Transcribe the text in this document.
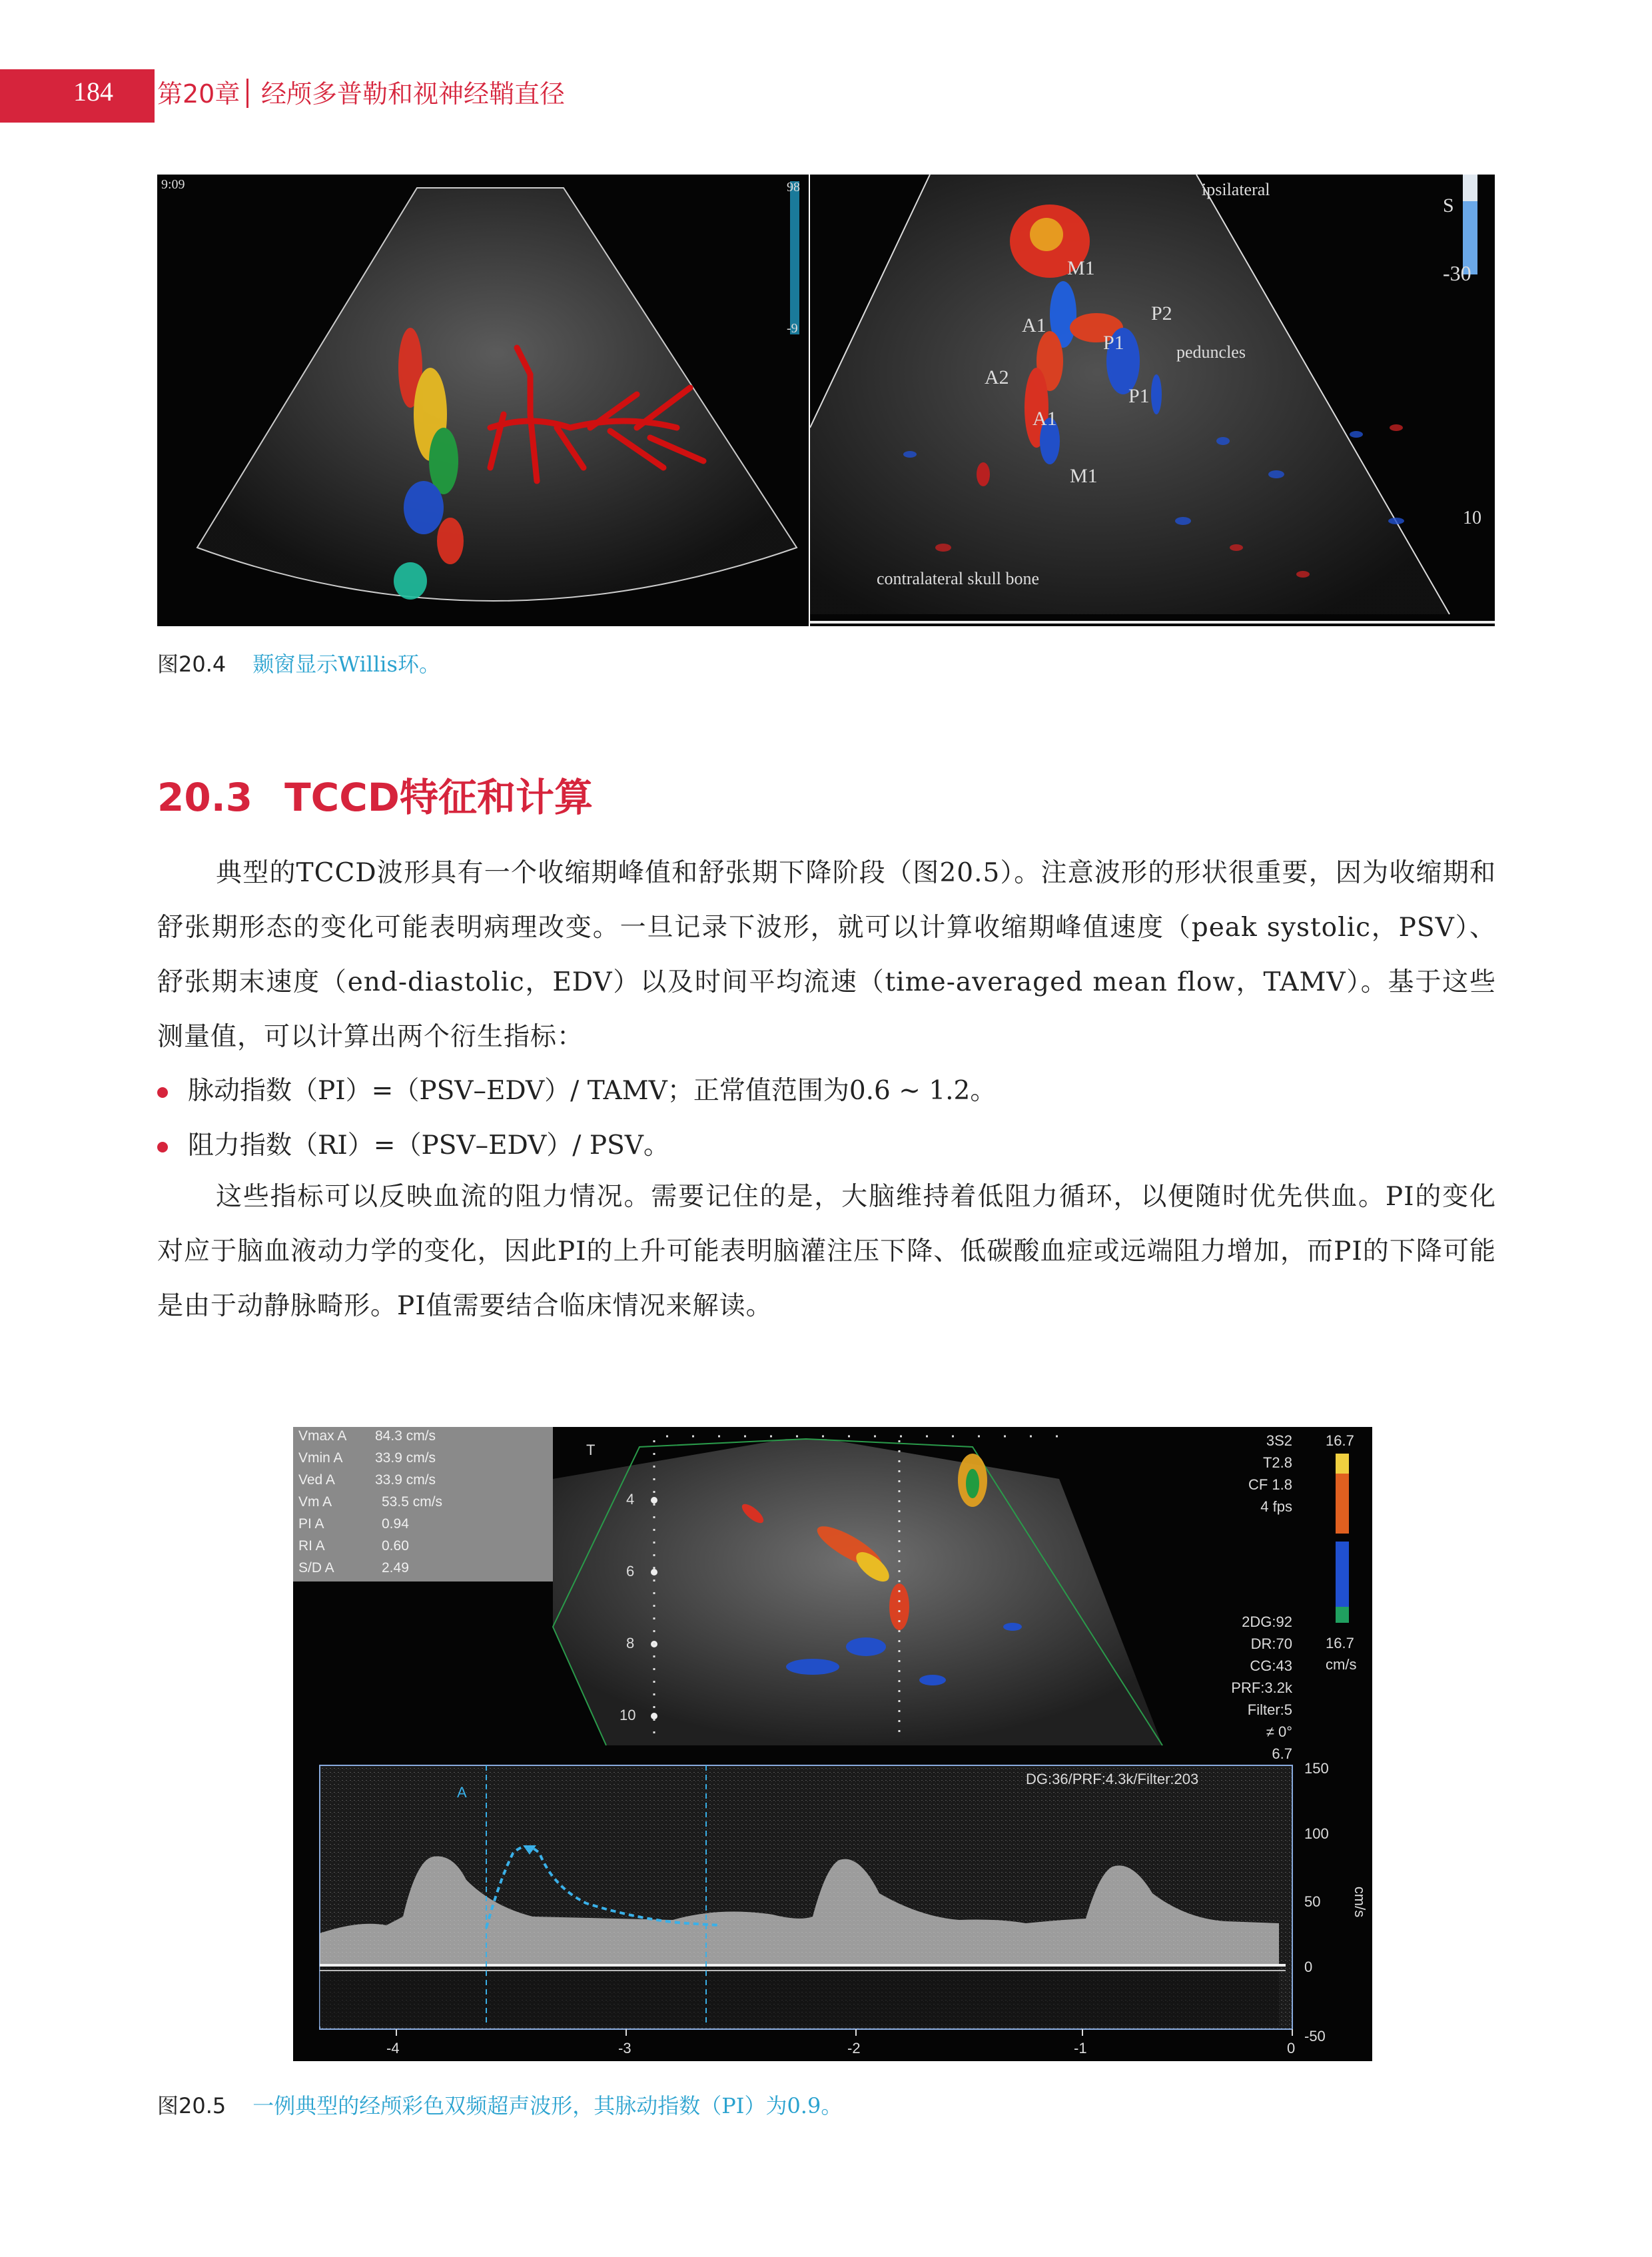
184 第20章 经颅多普勒和视神经鞘直径
9:09	98
-9
ipsilateral
S
-30
M1
A1
P2
P1	peduncles
A2
A1
P1
M1
10
contralateral skull bone
图20.4 颞窗显示Willis环。
20.3 TCCD特征和计算
典型的TCCD波形具有一个收缩期峰值和舒张期下降阶段（图20.5）。注意波形的形状很重要，因为收缩期和舒张期形态的变化可能表明病理改变。一旦记录下波形，就可以计算收缩期峰值速度（peak systolic，PSV）、舒张期末速度（end-diastolic，EDV）以及时间平均流速（time-averaged mean flow，TAMV）。基于这些测量值，可以计算出两个衍生指标：
脉动指数（PI）=（PSV–EDV）/ TAMV；正常值范围为0.6 ~ 1.2。
阻力指数（RI）=（PSV–EDV）/ PSV。
这些指标可以反映血流的阻力情况。需要记住的是，大脑维持着低阻力循环，以便随时优先供血。PI的变化对应于脑血液动力学的变化，因此PI的上升可能表明脑灌注压下降、低碳酸血症或远端阻力增加，而PI的下降可能是由于动静脉畸形。PI值需要结合临床情况来解读。
Vmax A 84.3 cm/s
Vmin A 33.9 cm/s
Ved A	33.9 cm/s
Vm A	53.5 cm/s
PI A	0.94
RI A	0.60
S/D A	2.49
T
4
6
8
10
3S2
T2.8
CF 1.8
4 fps
2DG:92
DR:70
CG:43
PRF:3.2k
Filter:5
≠ 0°
6.7
16.7
16.7
cm/s
DG:36/PRF:4.3k/Filter:203
A
150
100
50
0
-50
cm/s
-4	-3	-2	-1	0
图20.5 一例典型的经颅彩色双频超声波形，其脉动指数（PI）为0.9。
